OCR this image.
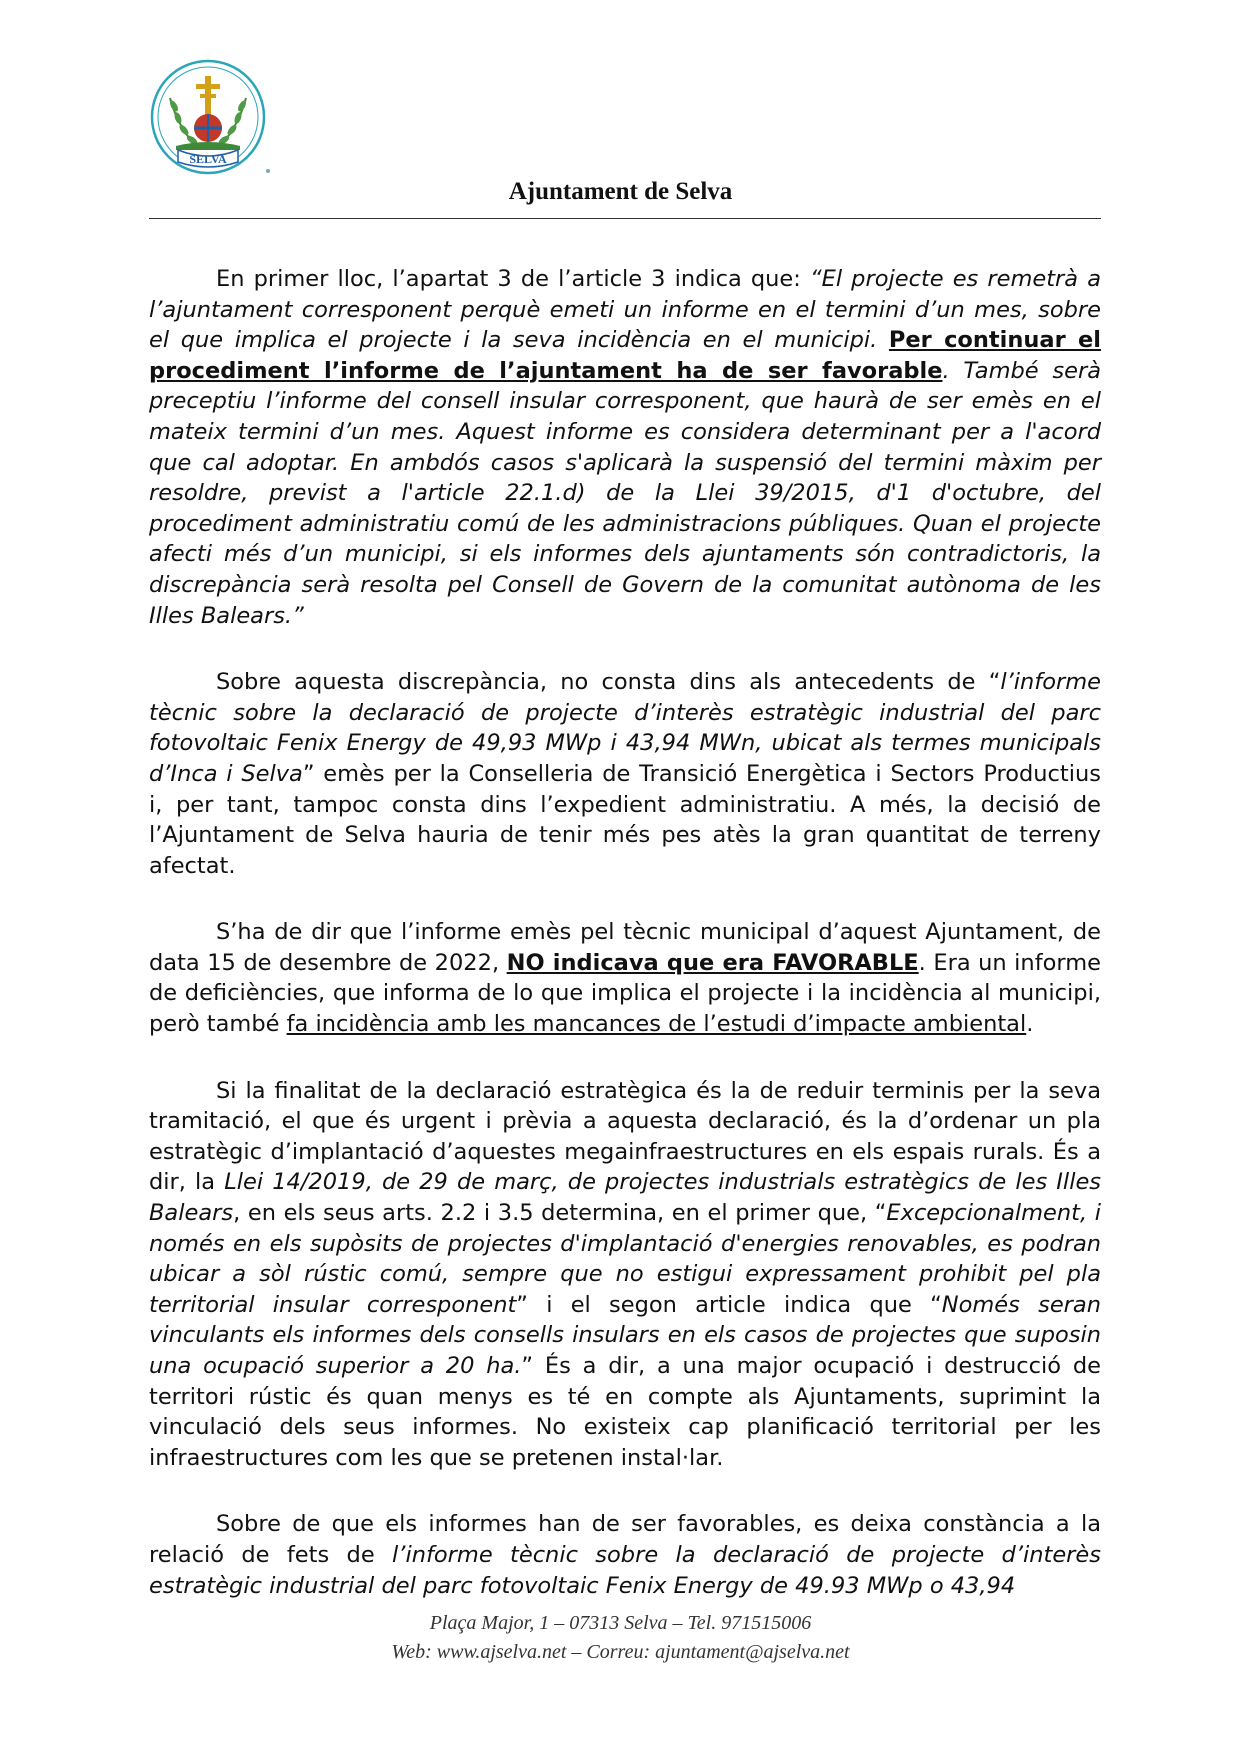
SELVA
Ajuntament de Selva

En primer lloc, l’apartat 3 de l’article 3 indica que: “El projecte es remetrà a l’ajuntament corresponent perquè emeti un informe en el termini d’un mes, sobre el que implica el projecte i la seva incidència en el municipi. Per continuar el procediment l’informe de l’ajuntament ha de ser favorable. També serà preceptiu l’informe del consell insular corresponent, que haurà de ser emès en el mateix termini d’un mes. Aquest informe es considera determinant per a l'acord que cal adoptar. En ambdós casos s'aplicarà la suspensió del termini màxim per resoldre, previst a l'article 22.1.d) de la Llei 39/2015, d'1 d'octubre, del procediment administratiu comú de les administracions públiques. Quan el projecte afecti més d’un municipi, si els informes dels ajuntaments són contradictoris, la discrepància serà resolta pel Consell de Govern de la comunitat autònoma de les Illes Balears.”

Sobre aquesta discrepància, no consta dins als antecedents de “l’informe tècnic sobre la declaració de projecte d’interès estratègic industrial del parc fotovoltaic Fenix Energy de 49,93 MWp i 43,94 MWn, ubicat als termes municipals d’Inca i Selva” emès per la Conselleria de Transició Energètica i Sectors Productius i, per tant, tampoc consta dins l’expedient administratiu. A més, la decisió de l’Ajuntament de Selva hauria de tenir més pes atès la gran quantitat de terreny afectat.

S’ha de dir que l’informe emès pel tècnic municipal d’aquest Ajuntament, de data 15 de desembre de 2022, NO indicava que era FAVORABLE. Era un informe de deficiències, que informa de lo que implica el projecte i la incidència al municipi, però també fa incidència amb les mancances de l’estudi d’impacte ambiental.

Si la finalitat de la declaració estratègica és la de reduir terminis per la seva tramitació, el que és urgent i prèvia a aquesta declaració, és la d’ordenar un pla estratègic d’implantació d’aquestes megainfraestructures en els espais rurals. És a dir, la Llei 14/2019, de 29 de març, de projectes industrials estratègics de les Illes Balears, en els seus arts. 2.2 i 3.5 determina, en el primer que, “Excepcionalment, i només en els supòsits de projectes d'implantació d'energies renovables, es podran ubicar a sòl rústic comú, sempre que no estigui expressament prohibit pel pla territorial insular corresponent” i el segon article indica que “Només seran vinculants els informes dels consells insulars en els casos de projectes que suposin una ocupació superior a 20 ha.” És a dir, a una major ocupació i destrucció de territori rústic és quan menys es té en compte als Ajuntaments, suprimint la vinculació dels seus informes. No existeix cap planificació territorial per les infraestructures com les que se pretenen instal·lar.

Sobre de que els informes han de ser favorables, es deixa constància a la relació de fets de l’informe tècnic sobre la declaració de projecte d’interès estratègic industrial del parc fotovoltaic Fenix Energy de 49.93 MWp o 43,94

Plaça Major, 1 – 07313 Selva – Tel. 971515006
Web: www.ajselva.net – Correu: ajuntament@ajselva.net
